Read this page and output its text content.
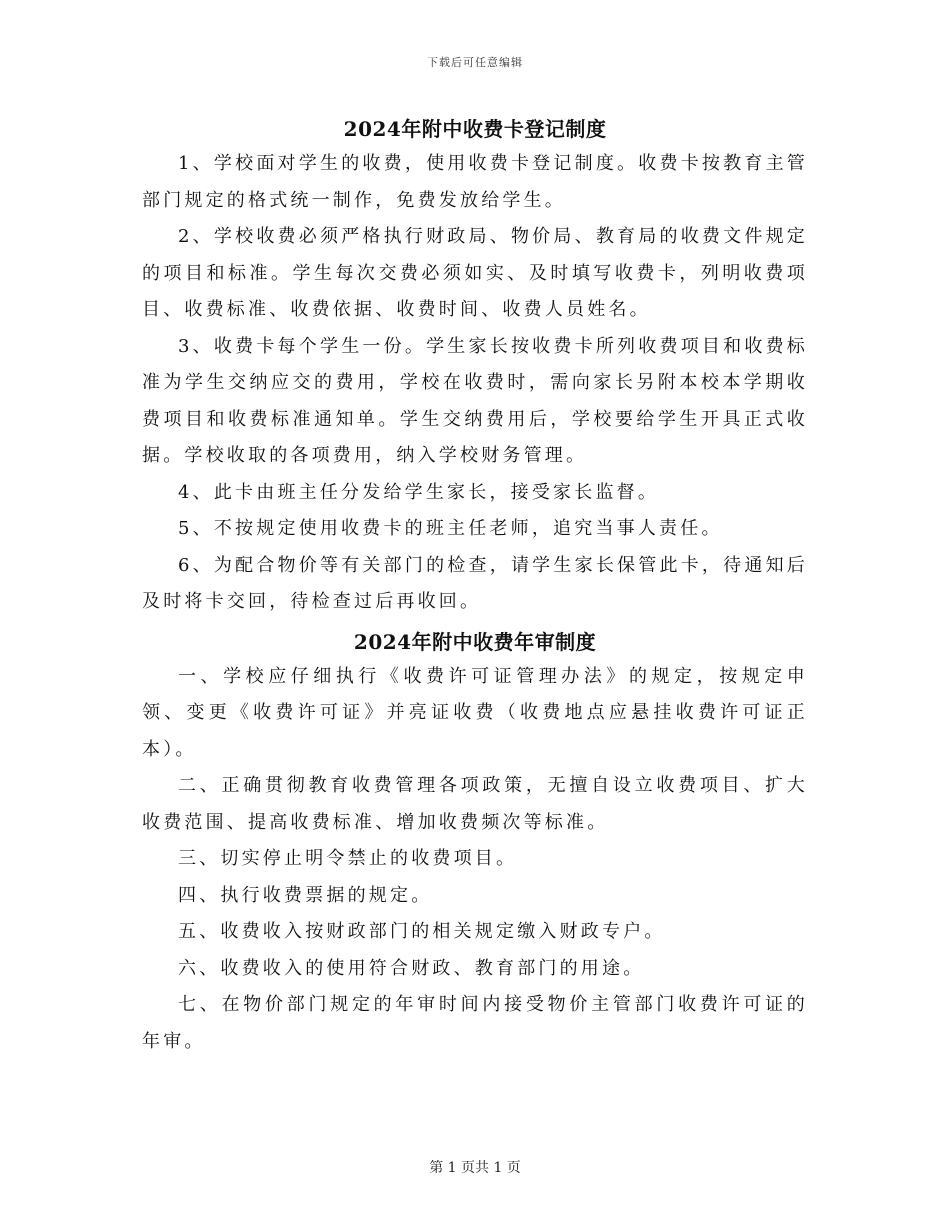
下载后可任意编辑
2024年附中收费卡登记制度

1、学校面对学生的收费，使用收费卡登记制度。收费卡按教育主管部门规定的格式统一制作，免费发放给学生。

2、学校收费必须严格执行财政局、物价局、教育局的收费文件规定的项目和标准。学生每次交费必须如实、及时填写收费卡，列明收费项目、收费标准、收费依据、收费时间、收费人员姓名。

3、收费卡每个学生一份。学生家长按收费卡所列收费项目和收费标准为学生交纳应交的费用，学校在收费时，需向家长另附本校本学期收费项目和收费标准通知单。学生交纳费用后，学校要给学生开具正式收据。学校收取的各项费用，纳入学校财务管理。

4、此卡由班主任分发给学生家长，接受家长监督。

5、不按规定使用收费卡的班主任老师，追究当事人责任。

6、为配合物价等有关部门的检查，请学生家长保管此卡，待通知后及时将卡交回，待检查过后再收回。

2024年附中收费年审制度

一、学校应仔细执行《收费许可证管理办法》的规定，按规定申领、变更《收费许可证》并亮证收费（收费地点应悬挂收费许可证正本）。

二、正确贯彻教育收费管理各项政策，无擅自设立收费项目、扩大收费范围、提高收费标准、增加收费频次等标准。

三、切实停止明令禁止的收费项目。

四、执行收费票据的规定。

五、收费收入按财政部门的相关规定缴入财政专户。

六、收费收入的使用符合财政、教育部门的用途。

七、在物价部门规定的年审时间内接受物价主管部门收费许可证的年审。

第 1 页共 1 页
